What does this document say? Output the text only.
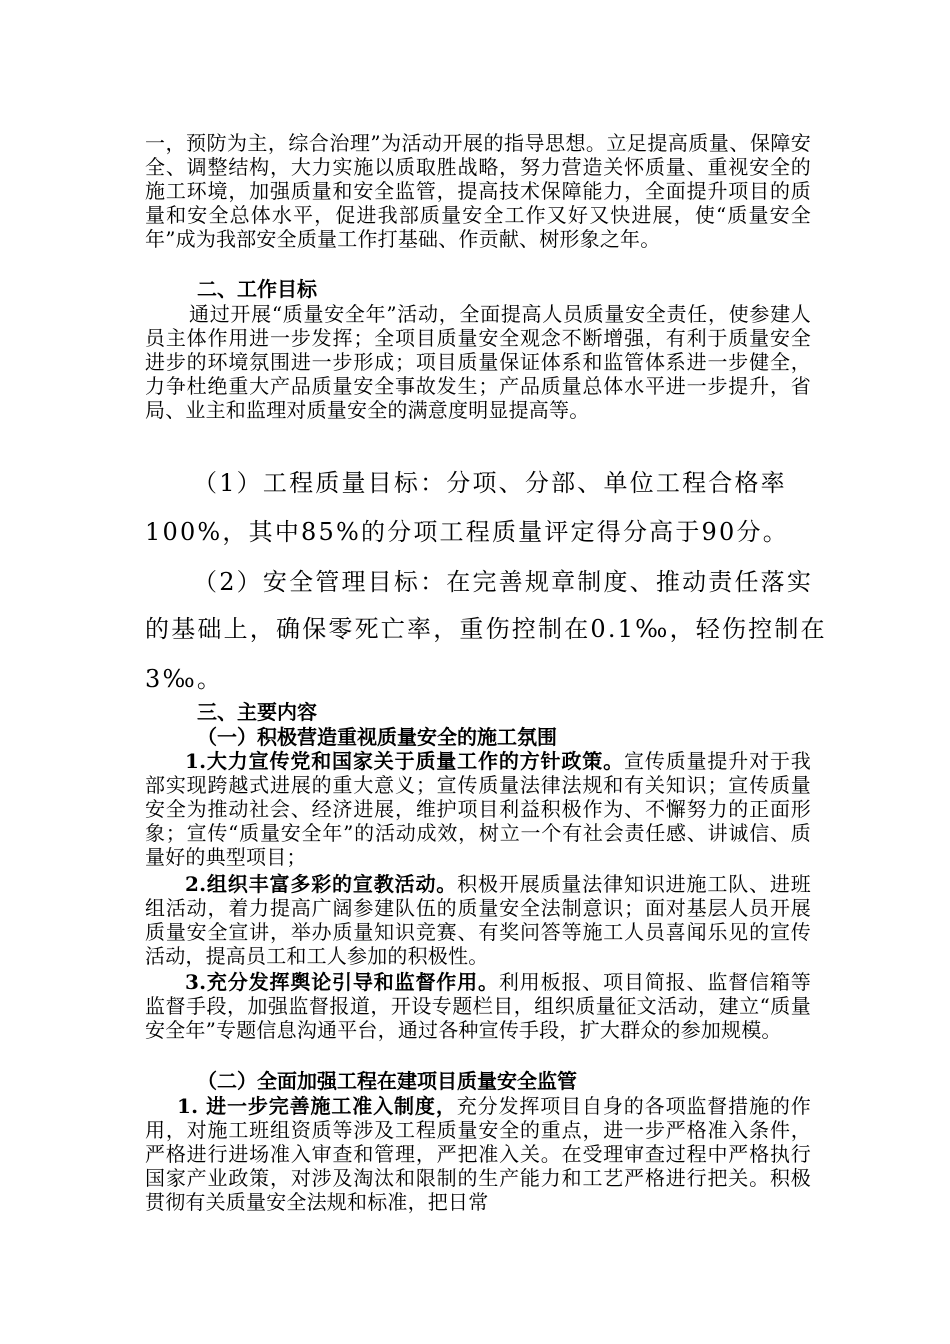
一，预防为主，综合治理”为活动开展的指导思想。立足提高质量、保障安全、调整结构，大力实施以质取胜战略，努力营造关怀质量、重视安全的施工环境，加强质量和安全监管，提高技术保障能力，全面提升项目的质量和安全总体水平，促进我部质量安全工作又好又快进展，使“质量安全年”成为我部安全质量工作打基础、作贡献、树形象之年。
二、工作目标
通过开展“质量安全年”活动，全面提高人员质量安全责任，使参建人员主体作用进一步发挥；全项目质量安全观念不断增强，有利于质量安全进步的环境氛围进一步形成；项目质量保证体系和监管体系进一步健全，力争杜绝重大产品质量安全事故发生；产品质量总体水平进一步提升，省局、业主和监理对质量安全的满意度明显提高等。
（1）工程质量目标：分项、分部、单位工程合格率
100%，其中85%的分项工程质量评定得分高于90分。
（2）安全管理目标：在完善规章制度、推动责任落实
的基础上，确保零死亡率，重伤控制在0.1‰，轻伤控制在
3‰。
三、主要内容
（一）积极营造重视质量安全的施工氛围
1.大力宣传党和国家关于质量工作的方针政策。宣传质量提升对于我部实现跨越式进展的重大意义；宣传质量法律法规和有关知识；宣传质量安全为推动社会、经济进展，维护项目利益积极作为、不懈努力的正面形象；宣传“质量安全年”的活动成效，树立一个有社会责任感、讲诚信、质量好的典型项目；
2.组织丰富多彩的宣教活动。积极开展质量法律知识进施工队、进班组活动，着力提高广阔参建队伍的质量安全法制意识；面对基层人员开展质量安全宣讲，举办质量知识竞赛、有奖问答等施工人员喜闻乐见的宣传活动，提高员工和工人参加的积极性。
3.充分发挥舆论引导和监督作用。利用板报、项目简报、监督信箱等监督手段，加强监督报道，开设专题栏目，组织质量征文活动，建立“质量安全年”专题信息沟通平台，通过各种宣传手段，扩大群众的参加规模。
（二）全面加强工程在建项目质量安全监管
1. 进一步完善施工准入制度，充分发挥项目自身的各项监督措施的作用，对施工班组资质等涉及工程质量安全的重点，进一步严格准入条件，严格进行进场准入审查和管理，严把准入关。在受理审查过程中严格执行国家产业政策，对涉及淘汰和限制的生产能力和工艺严格进行把关。积极贯彻有关质量安全法规和标准，把日常
